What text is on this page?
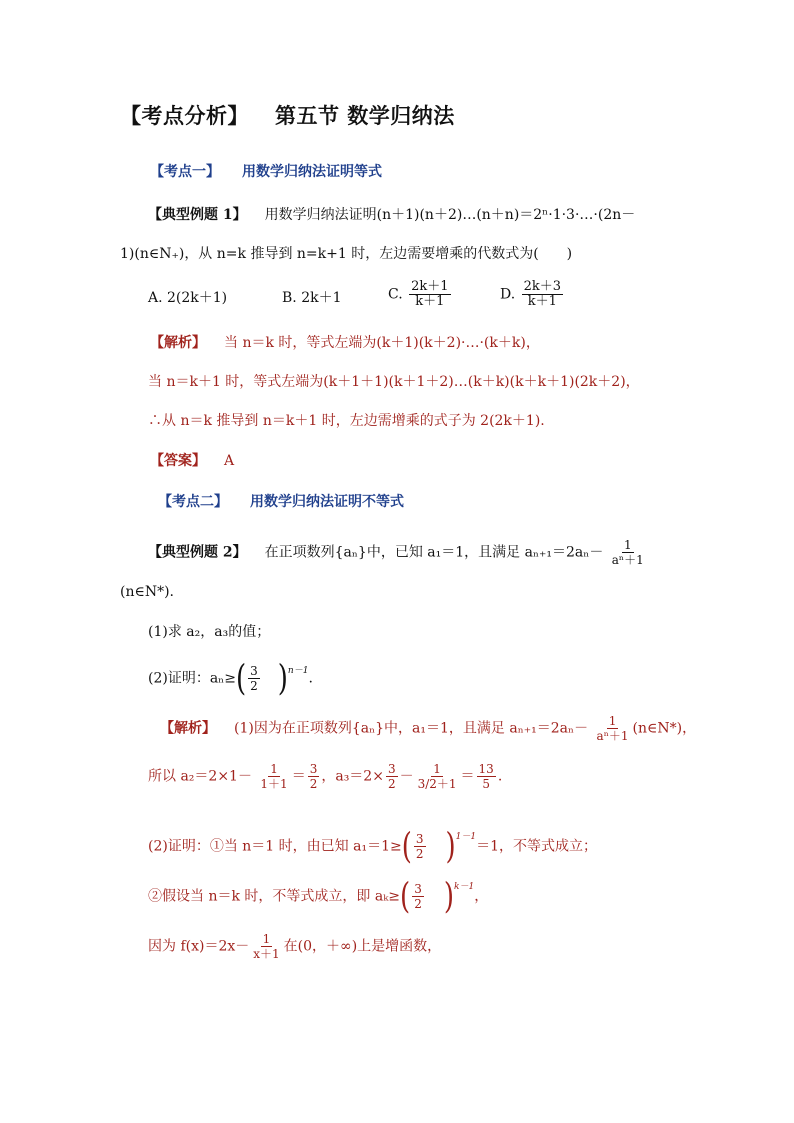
【考点分析】 第五节 数学归纳法
【考点一】 用数学归纳法证明等式
【典型例题 1】 用数学归纳法证明(n＋1)(n＋2)…(n＋n)＝2ⁿ·1·3·…·(2n－
1)(n∈N₊)，从 n=k 推导到 n=k+1 时，左边需要增乘的代数式为(　　)
A. 2(2k＋1)	B. 2k＋1	C. $\frac{2k+1}{k+1}$	D. $\frac{2k+3}{k+1}$
【解析】 当 n＝k 时，等式左端为(k＋1)(k＋2)·…·(k＋k)，
当 n＝k＋1 时，等式左端为(k＋1＋1)(k＋1＋2)…(k＋k)(k＋k＋1)(2k＋2)，
∴从 n＝k 推导到 n＝k＋1 时，左边需增乘的式子为 2(2k＋1).
【答案】 A
【考点二】 用数学归纳法证明不等式
【典型例题 2】 在正项数列{aₙ}中，已知 a₁＝1，且满足 $a_{n+1}=2a_n- \frac{1}{\text{aⁿ＋1}}$
(n∈N*).
(1)求 a₂，a₃的值；
(2)证明：$a_n\ge( \frac{3}{2} )^{n-1}$.
【解析】 (1)因为在正项数列{aₙ}中，a₁＝1，且满足 $a_{n+1}=2a_n- \frac{1}{\text{aⁿ＋1}}$ (n∈N*)，
所以 $a_2=2\times 1- \frac{1}{1+1} = \frac{3}{2}$ ，$a_3=2\times \frac{3}{2} - \frac{1}{3/2+1} = \frac{13}{5}$ .
(2)证明：①当 n＝1 时，由已知 $a_1=1\ge( \frac{3}{2} )^{1-1}=1$，不等式成立；
②假设当 n＝k 时，不等式成立，即 $a_k\ge( \frac{3}{2} )^{k-1}$，
因为 $f(x)=2x- \frac{1}{x+1}$ 在(0，＋∞)上是增函数，
